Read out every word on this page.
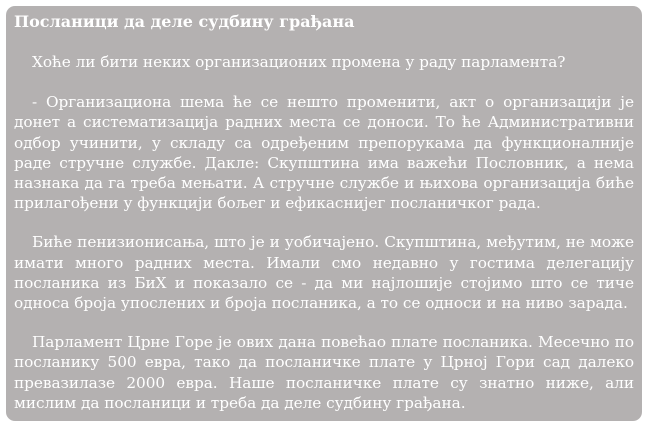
Посланици да деле судбину грађана

Хоће ли бити неких организационих промена у раду парламента?

- Организациона шема ће се нешто променити, акт о организацији је донет а систематизација радних места се доноси. То ће Административни одбор учинити, у складу са одређеним препорукама да функционалније раде стручне службе. Дакле: Скупштина има важећи Пословник, а нема назнака да га треба мењати. А стручне службе и њихова организација биће прилагођени у функцији бољег и ефикаснијег посланичког рада.

Биће пенизионисања, што је и уобичајено. Скупштина, међутим, не може имати много радних места. Имали смо недавно у гостима делегацију посланика из БиХ и показало се - да ми најлошије стојимо што се тиче односа броја упослених и броја посланика, а то се односи и на ниво зарада.

Парламент Црне Горе је ових дана повећао плате посланика. Месечно по посланику 500 евра, тако да посланичке плате у Црној Гори сад далеко превазилазе 2000 евра. Наше посланичке плате су знатно ниже, али мислим да посланици и треба да деле судбину грађана.
